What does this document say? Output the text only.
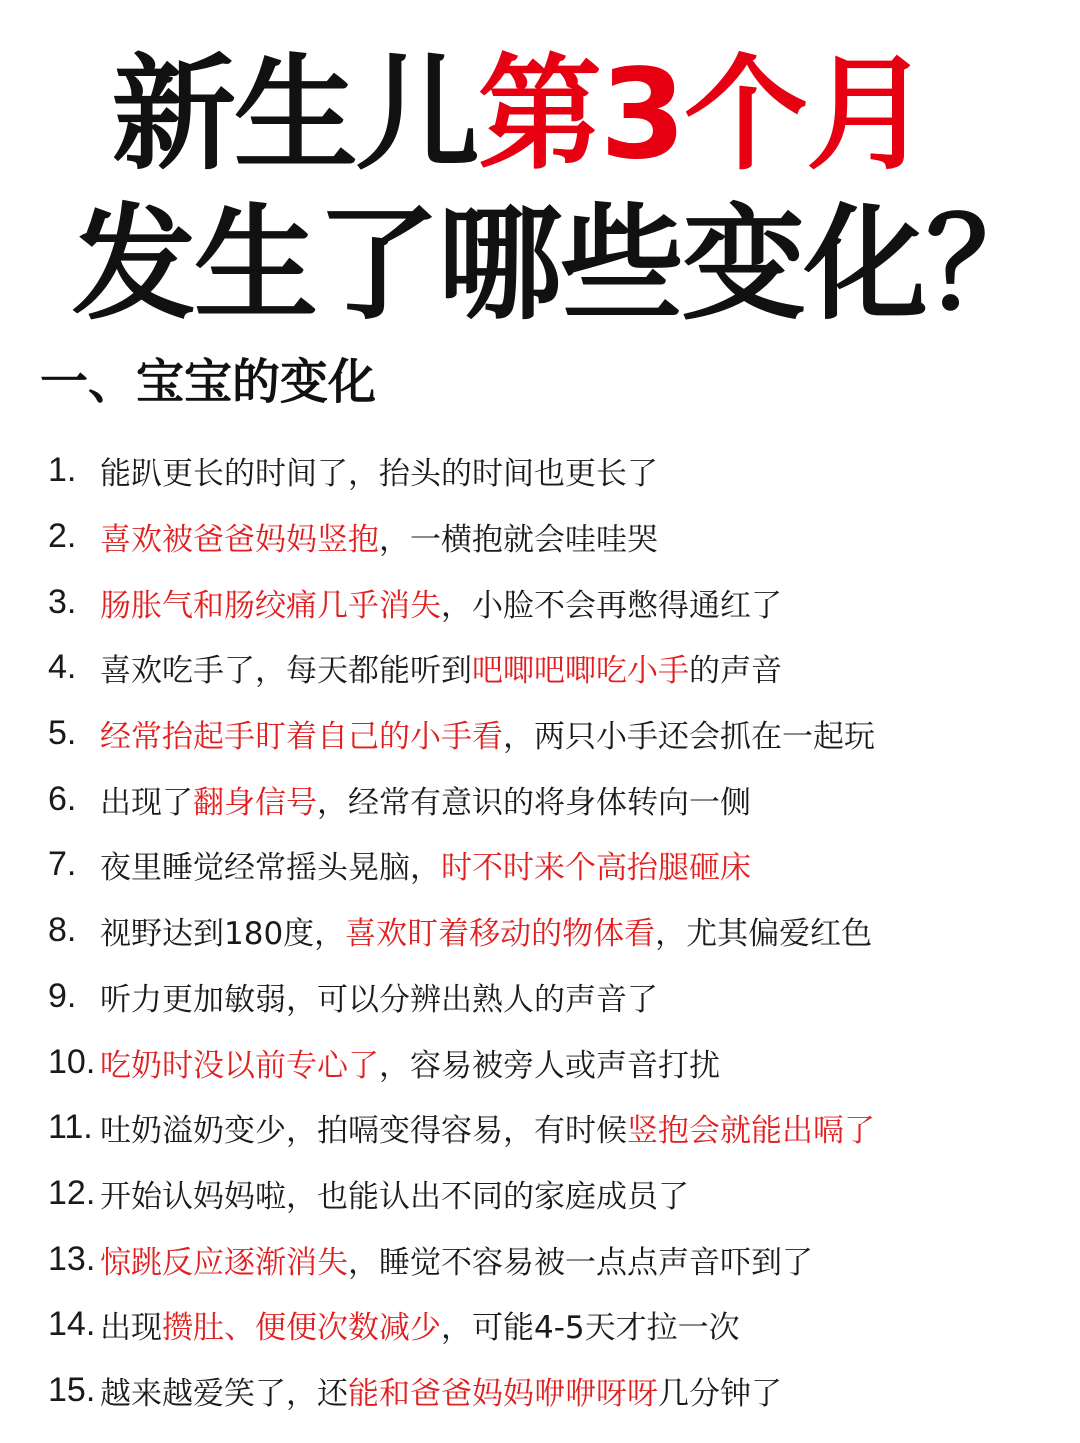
新生儿第3个月
发生了哪些变化？
一、宝宝的变化
1. 能趴更长的时间了，抬头的时间也更长了
2. 喜欢被爸爸妈妈竖抱，一横抱就会哇哇哭
3. 肠胀气和肠绞痛几乎消失，小脸不会再憋得通红了
4. 喜欢吃手了，每天都能听到吧唧吧唧吃小手的声音
5. 经常抬起手盯着自己的小手看，两只小手还会抓在一起玩
6. 出现了翻身信号，经常有意识的将身体转向一侧
7. 夜里睡觉经常摇头晃脑，时不时来个高抬腿砸床
8. 视野达到180度，喜欢盯着移动的物体看，尤其偏爱红色
9. 听力更加敏弱，可以分辨出熟人的声音了
10. 吃奶时没以前专心了，容易被旁人或声音打扰
11. 吐奶溢奶变少，拍嗝变得容易，有时候竖抱会就能出嗝了
12. 开始认妈妈啦，也能认出不同的家庭成员了
13. 惊跳反应逐渐消失，睡觉不容易被一点点声音吓到了
14. 出现攒肚、便便次数减少，可能4-5天才拉一次
15. 越来越爱笑了，还能和爸爸妈妈咿咿呀呀几分钟了
